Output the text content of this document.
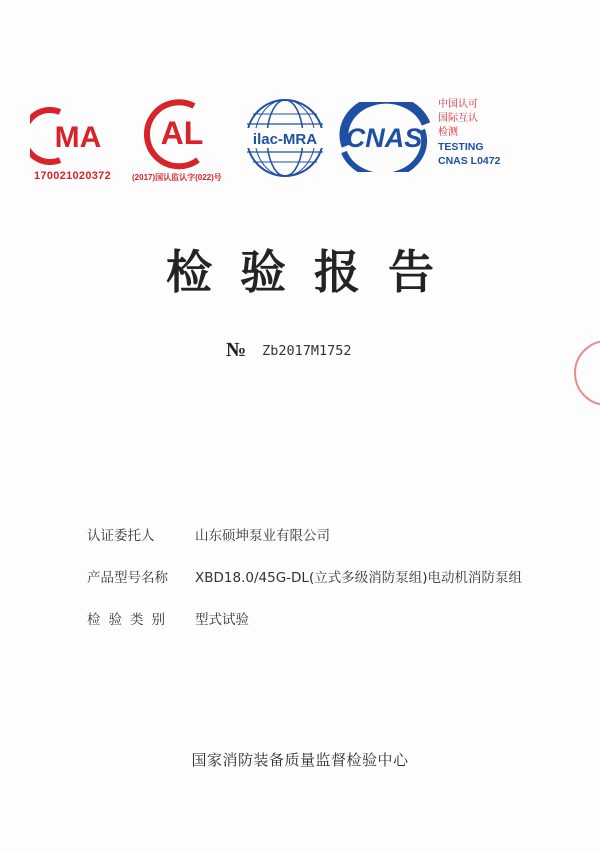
MA
170021020372
AL
(2017)国认监认字(022)号
ilac-MRA CNAS
中国认可
国际互认
检测
TESTING
CNAS L0472
检验报告
№ Zb2017M1752
认证委托人	山东硕坤泵业有限公司
产品型号名称	XBD18.0/45G-DL(立式多级消防泵组)电动机消防泵组
检验类别	型式试验
国家消防装备质量监督检验中心
